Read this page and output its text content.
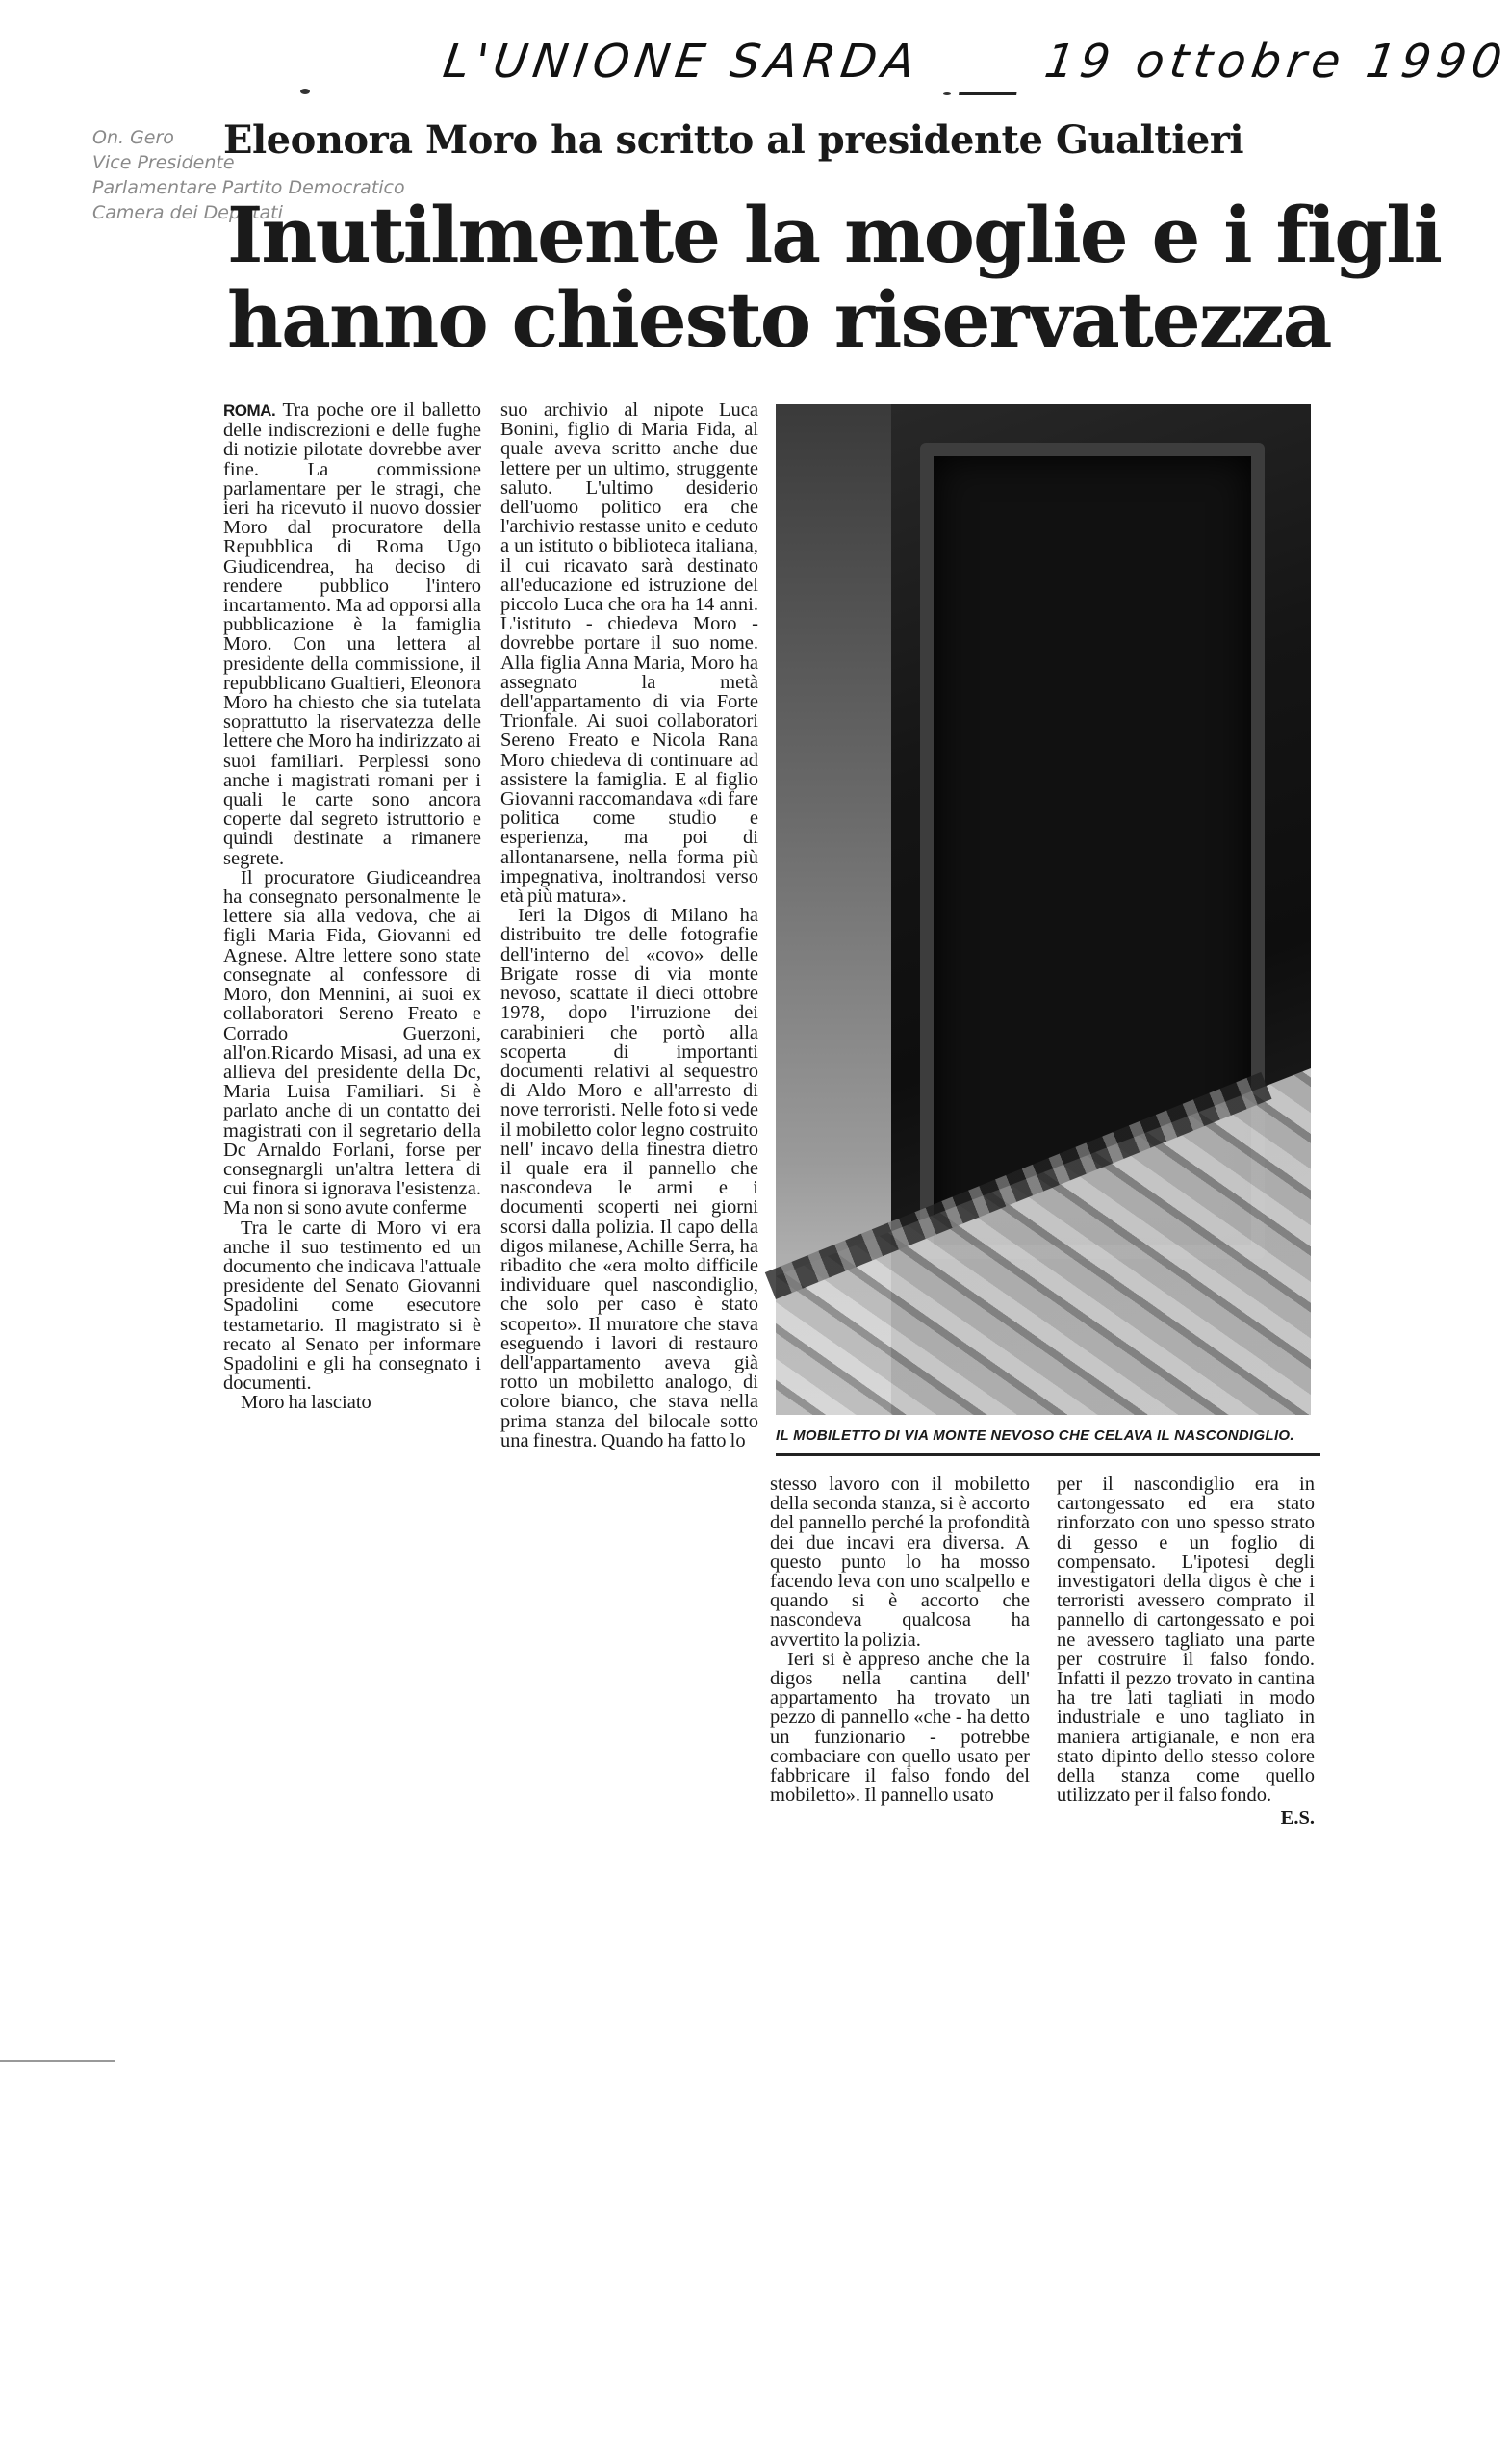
L'UNIONE SARDA	19 ottobre 1990
On. Gero
Vice Presidente
Parlamentare Partito Democratico
Camera dei Deputati
Eleonora Moro ha scritto al presidente Gualtieri
Inutilmente la moglie e i figli
hanno chiesto riservatezza

ROMA. Tra poche ore il balletto delle indiscrezioni e delle fughe di notizie pilotate dovrebbe aver fine. La commissione parlamentare per le stragi, che ieri ha ricevuto il nuovo dossier Moro dal procuratore della Repubblica di Roma Ugo Giudicendrea, ha deciso di rendere pubblico l'intero incartamento. Ma ad opporsi alla pubblicazione è la famiglia Moro. Con una lettera al presidente della commissione, il repubblicano Gualtieri, Eleonora Moro ha chiesto che sia tutelata soprattutto la riservatezza delle lettere che Moro ha indirizzato ai suoi familiari. Perplessi sono anche i magistrati romani per i quali le carte sono ancora coperte dal segreto istruttorio e quindi destinate a rimanere segrete.

Il procuratore Giudiceandrea ha consegnato personalmente le lettere sia alla vedova, che ai figli Maria Fida, Giovanni ed Agnese. Altre lettere sono state consegnate al confessore di Moro, don Mennini, ai suoi ex collaboratori Sereno Freato e Corrado Guerzoni, all'on.Ricardo Misasi, ad una ex allieva del presidente della Dc, Maria Luisa Familiari. Si è parlato anche di un contatto dei magistrati con il segretario della Dc Arnaldo Forlani, forse per consegnargli un'altra lettera di cui finora si ignorava l'esistenza. Ma non si sono avute conferme

Tra le carte di Moro vi era anche il suo testimento ed un documento che indicava l'attuale presidente del Senato Giovanni Spadolini come esecutore testametario. Il magistrato si è recato al Senato per informare Spadolini e gli ha consegnato i documenti.

Moro ha lasciato

suo archivio al nipote Luca Bonini, figlio di Maria Fida, al quale aveva scritto anche due lettere per un ultimo, struggente saluto. L'ultimo desiderio dell'uomo politico era che l'archivio restasse unito e ceduto a un istituto o biblioteca italiana, il cui ricavato sarà destinato all'educazione ed istruzione del piccolo Luca che ora ha 14 anni. L'istituto - chiedeva Moro - dovrebbe portare il suo nome. Alla figlia Anna Maria, Moro ha assegnato la metà dell'appartamento di via Forte Trionfale. Ai suoi collaboratori Sereno Freato e Nicola Rana Moro chiedeva di continuare ad assistere la famiglia. E al figlio Giovanni raccomandava «di fare politica come studio e esperienza, ma poi di allontanarsene, nella forma più impegnativa, inoltrandosi verso età più matura».

Ieri la Digos di Milano ha distribuito tre delle fotografie dell'interno del «covo» delle Brigate rosse di via monte nevoso, scattate il dieci ottobre 1978, dopo l'irruzione dei carabinieri che portò alla scoperta di importanti documenti relativi al sequestro di Aldo Moro e all'arresto di nove terroristi. Nelle foto si vede il mobiletto color legno costruito nell' incavo della finestra dietro il quale era il pannello che nascondeva le armi e i documenti scoperti nei giorni scorsi dalla polizia. Il capo della digos milanese, Achille Serra, ha ribadito che «era molto difficile individuare quel nascondiglio, che solo per caso è stato scoperto». Il muratore che stava eseguendo i lavori di restauro dell'appartamento aveva già rotto un mobiletto analogo, di colore bianco, che stava nella prima stanza del bilocale sotto una finestra. Quando ha fatto lo	IL MOBILETTO DI VIA MONTE NEVOSO CHE CELAVA IL NASCONDIGLIO.

stesso lavoro con il mobiletto della seconda stanza, si è accorto del pannello perché la profondità dei due incavi era diversa. A questo punto lo ha mosso facendo leva con uno scalpello e quando si è accorto che nascondeva qualcosa ha avvertito la polizia.

Ieri si è appreso anche che la digos nella cantina dell' appartamento ha trovato un pezzo di pannello «che - ha detto un funzionario - potrebbe combaciare con quello usato per fabbricare il falso fondo del mobiletto». Il pannello usato

per il nascondiglio era in cartongessato ed era stato rinforzato con uno spesso strato di gesso e un foglio di compensato. L'ipotesi degli investigatori della digos è che i terroristi avessero comprato il pannello di cartongessato e poi ne avessero tagliato una parte per costruire il falso fondo. Infatti il pezzo trovato in cantina ha tre lati tagliati in modo industriale e uno tagliato in maniera artigianale, e non era stato dipinto dello stesso colore della stanza come quello utilizzato per il falso fondo.

E.S.
